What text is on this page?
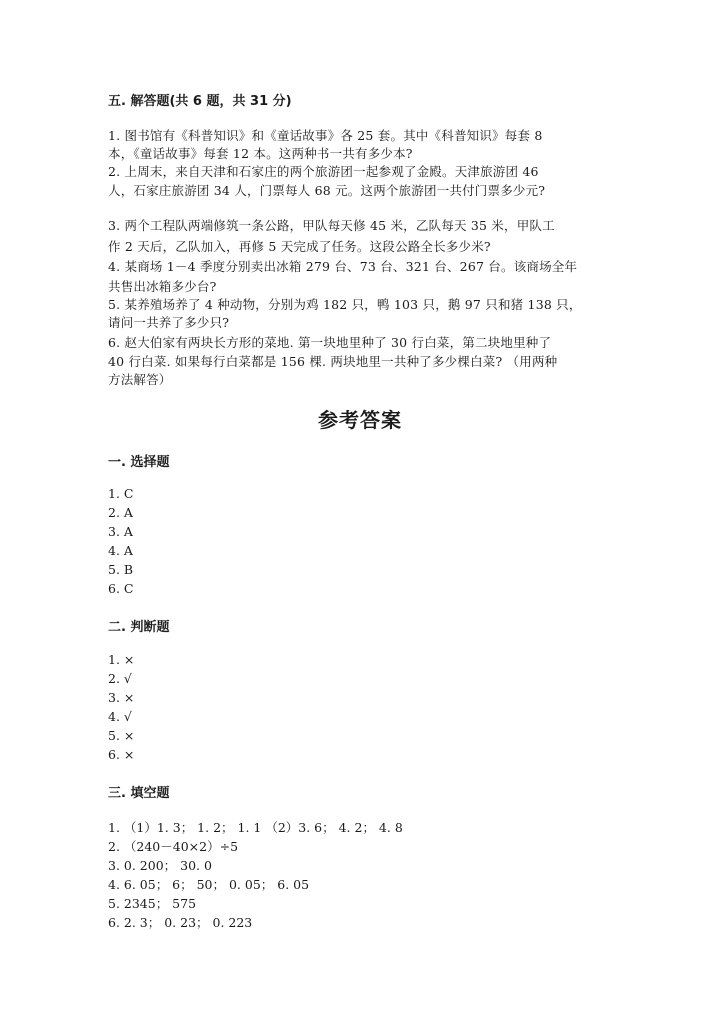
五. 解答题(共 6 题，共 31 分)
1. 图书馆有《科普知识》和《童话故事》各 25 套。其中《科普知识》每套 8
本，《童话故事》每套 12 本。这两种书一共有多少本?
2. 上周末，来自天津和石家庄的两个旅游团一起参观了金殿。天津旅游团 46
人，石家庄旅游团 34 人，门票每人 68 元。这两个旅游团一共付门票多少元?
3. 两个工程队两端修筑一条公路，甲队每天修 45 米，乙队每天 35 米，甲队工
作 2 天后，乙队加入，再修 5 天完成了任务。这段公路全长多少米?
4. 某商场 1－4 季度分别卖出冰箱 279 台、73 台、321 台、267 台。该商场全年
共售出冰箱多少台?
5. 某养殖场养了 4 种动物，分别为鸡 182 只，鸭 103 只，鹅 97 只和猪 138 只，
请问一共养了多少只?
6. 赵大伯家有两块长方形的菜地. 第一块地里种了 30 行白菜，第二块地里种了
40 行白菜. 如果每行白菜都是 156 棵. 两块地里一共种了多少棵白菜? （用两种
方法解答）
参考答案
一. 选择题
1. C
2. A
3. A
4. A
5. B
6. C
二. 判断题
1. ×
2. √
3. ×
4. √
5. ×
6. ×
三. 填空题
1. （1）1. 3； 1. 2； 1. 1 （2）3. 6； 4. 2； 4. 8
2. （240－40×2）÷5
3. 0. 200； 30. 0
4. 6. 05； 6； 50； 0. 05； 6. 05
5. 2345； 575
6. 2. 3； 0. 23； 0. 223
